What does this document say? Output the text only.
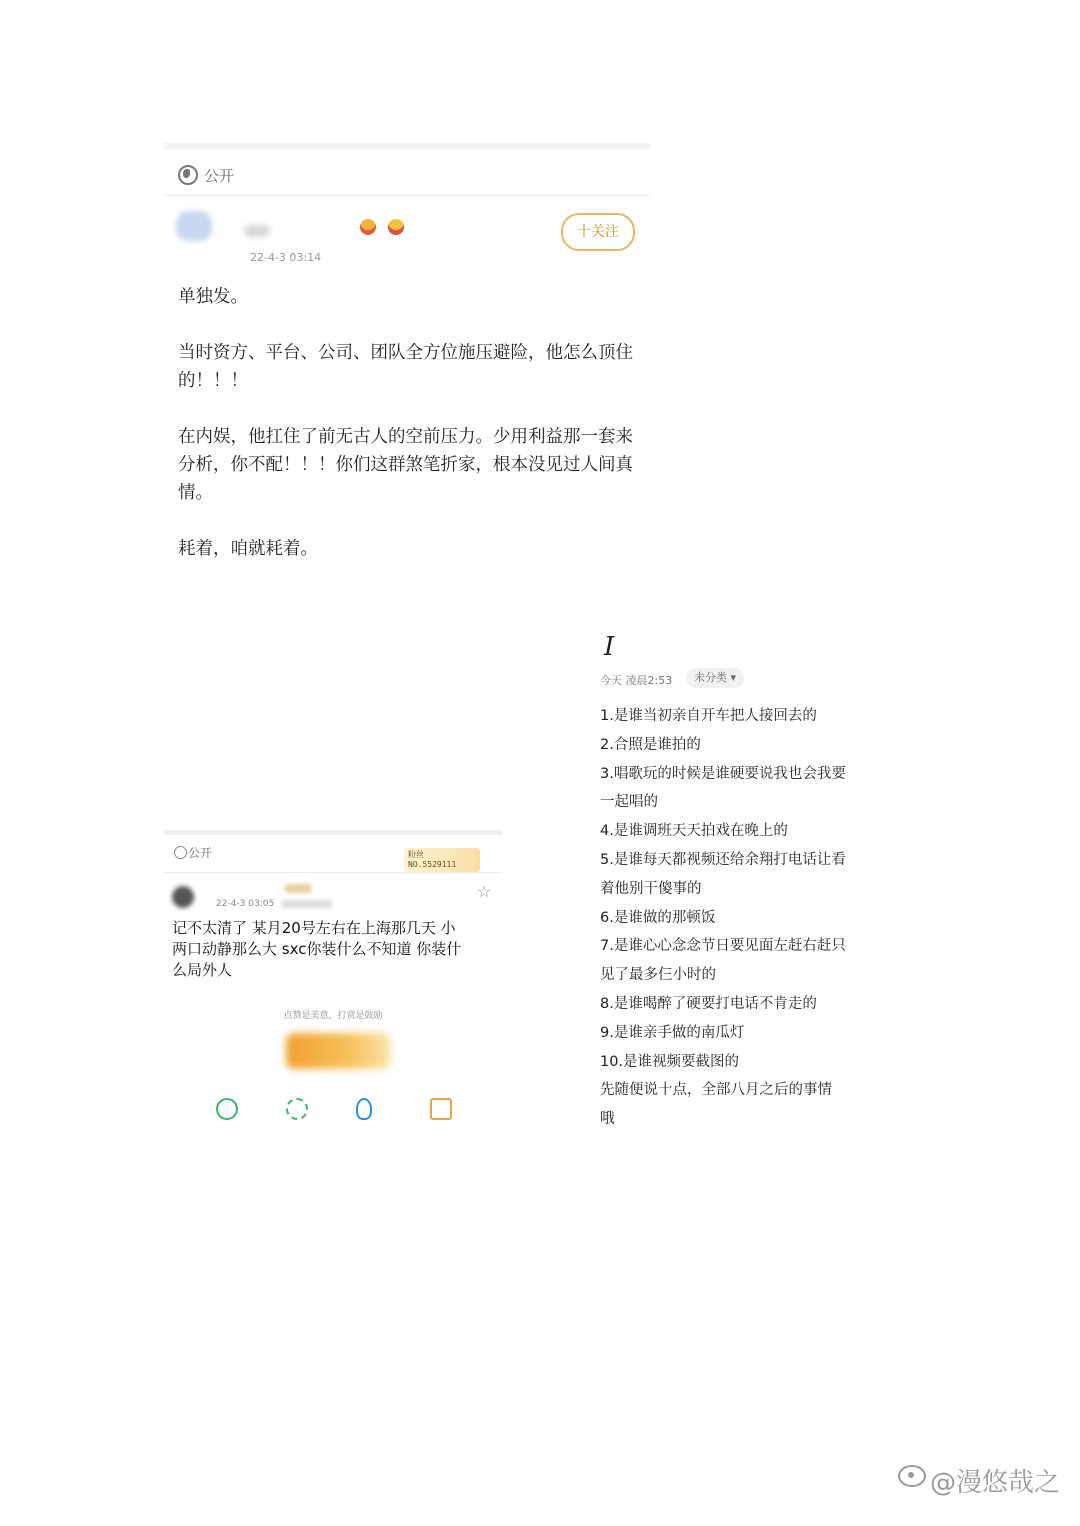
公开
22-4-3 03:14
十关注

单独发。

当时资方、平台、公司、团队全方位施压避险，他怎么顶住的！！！

在内娱，他扛住了前无古人的空前压力。少用利益那一套来分析，你不配！！！你们这群煞笔折家，根本没见过人间真情。

耗着，咱就耗着。

公开	粉丝
NO.5529111
22-4-3 03:05
☆
记不太清了 某月20号左右在上海那几天 小
两口动静那么大 sxc你装什么不知道 你装什
么局外人
点赞是美意，打赏是鼓励
I
今天 凌晨2:53	未分类 ▾
1.是谁当初亲自开车把人接回去的
2.合照是谁拍的
3.唱歌玩的时候是谁硬要说我也会我要
一起唱的
4.是谁调班天天拍戏在晚上的
5.是谁每天都视频还给余翔打电话让看
着他别干傻事的
6.是谁做的那顿饭
7.是谁心心念念节日要见面左赶右赶只
见了最多仨小时的
8.是谁喝醉了硬要打电话不肯走的
9.是谁亲手做的南瓜灯
10.是谁视频要截图的
先随便说十点，全部八月之后的事情
哦
@漫悠哉之
